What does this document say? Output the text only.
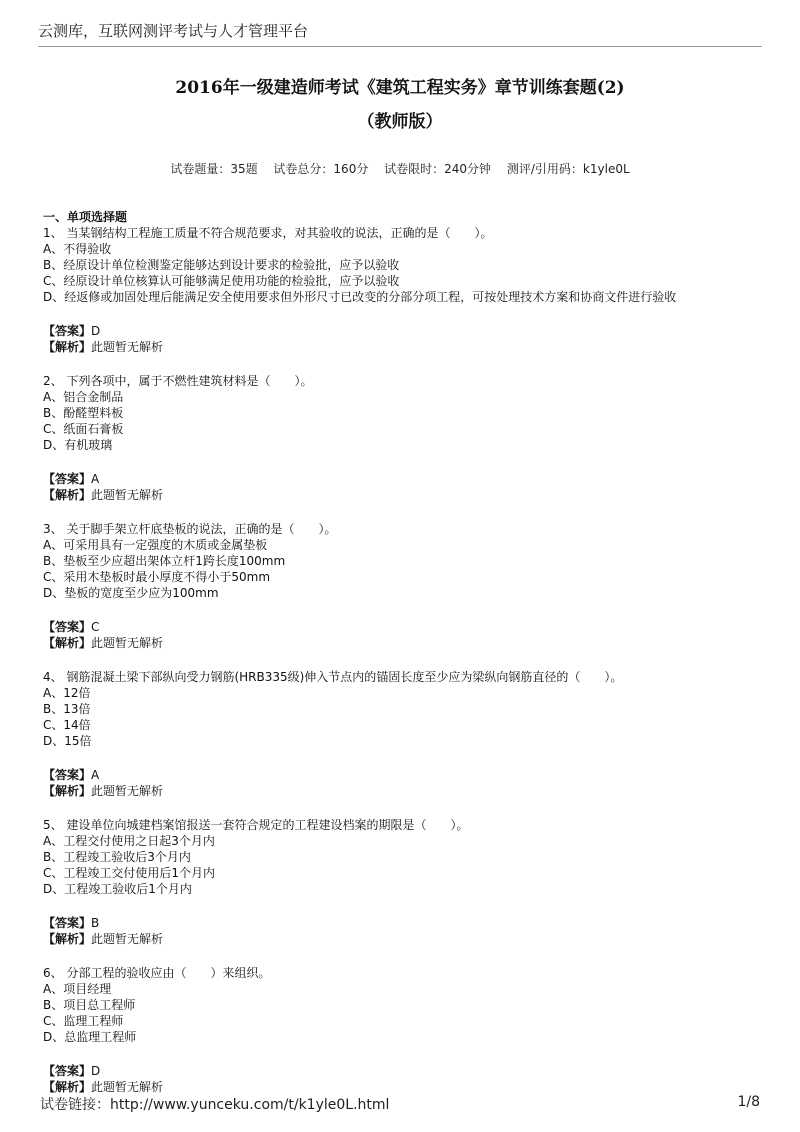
云测库，互联网测评考试与人才管理平台
2016年一级建造师考试《建筑工程实务》章节训练套题(2)
（教师版）
试卷题量：35题 试卷总分：160分 试卷限时：240分钟 测评/引用码：k1yle0L
一、单项选择题
1、 当某钢结构工程施工质量不符合规范要求，对其验收的说法，正确的是（　　）。
A、不得验收
B、经原设计单位检测鉴定能够达到设计要求的检验批，应予以验收
C、经原设计单位核算认可能够满足使用功能的检验批，应予以验收
D、经返修或加固处理后能满足安全使用要求但外形尺寸已改变的分部分项工程，可按处理技术方案和协商文件进行验收
【答案】D
【解析】此题暂无解析
2、 下列各项中，属于不燃性建筑材料是（　　）。
A、铝合金制品
B、酚醛塑料板
C、纸面石膏板
D、有机玻璃
【答案】A
【解析】此题暂无解析
3、 关于脚手架立杆底垫板的说法，正确的是（　　）。
A、可采用具有一定强度的木质或金属垫板
B、垫板至少应超出架体立杆1跨长度100mm
C、采用木垫板时最小厚度不得小于50mm
D、垫板的宽度至少应为100mm
【答案】C
【解析】此题暂无解析
4、 钢筋混凝土梁下部纵向受力钢筋(HRB335级)伸入节点内的锚固长度至少应为梁纵向钢筋直径的（　　）。
A、12倍
B、13倍
C、14倍
D、15倍
【答案】A
【解析】此题暂无解析
5、 建设单位向城建档案馆报送一套符合规定的工程建设档案的期限是（　　）。
A、工程交付使用之日起3个月内
B、工程竣工验收后3个月内
C、工程竣工交付使用后1个月内
D、工程竣工验收后1个月内
【答案】B
【解析】此题暂无解析
6、 分部工程的验收应由（　　）来组织。
A、项目经理
B、项目总工程师
C、监理工程师
D、总监理工程师
【答案】D
【解析】此题暂无解析
试卷链接：http://www.yunceku.com/t/k1yle0L.html	1/8
